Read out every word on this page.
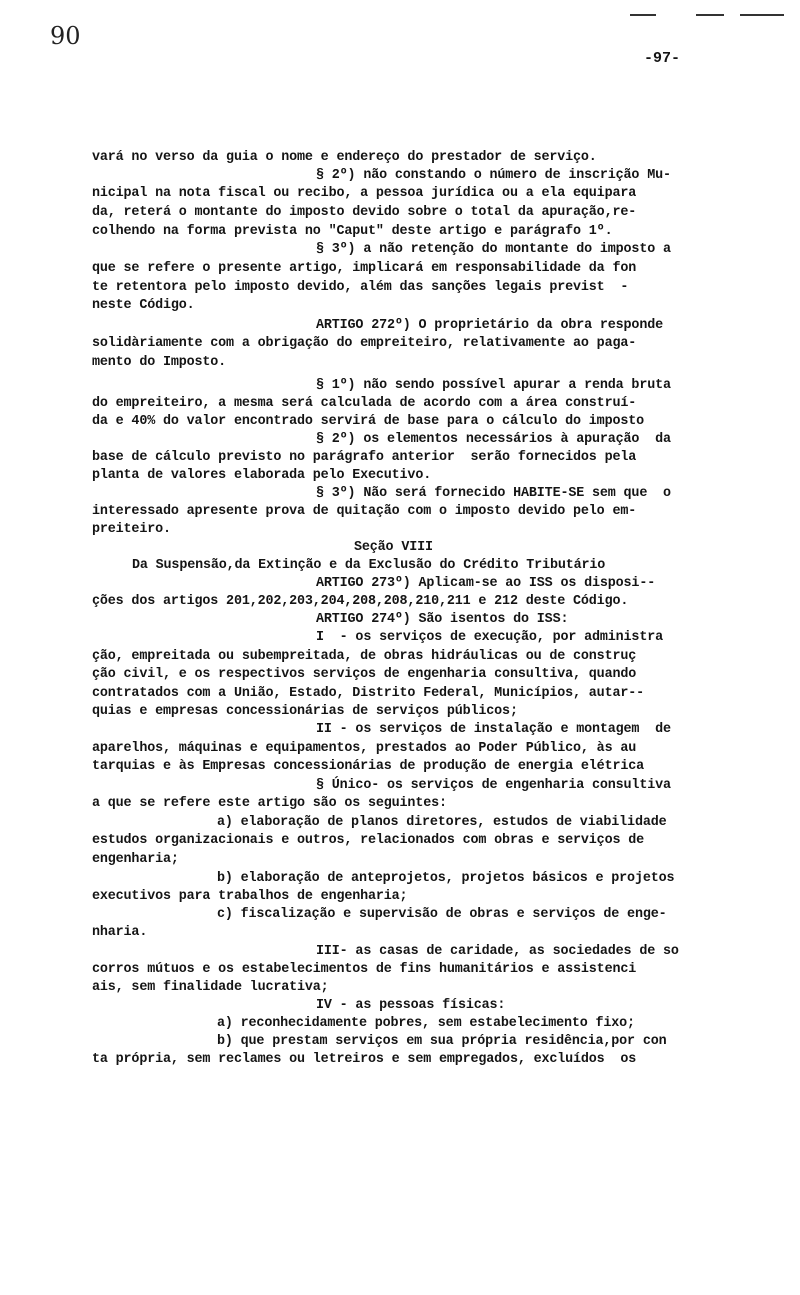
90
-97-
vará no verso da guia o nome e endereço do prestador de serviço.
§ 2º) não constando o número de inscrição Mu-
nicipal na nota fiscal ou recibo, a pessoa jurídica ou a ela equipara
da, reterá o montante do imposto devido sobre o total da apuração,re-
colhendo na forma prevista no "Caput" deste artigo e parágrafo 1º.
§ 3º) a não retenção do montante do imposto a
que se refere o presente artigo, implicará em responsabilidade da fon
te retentora pelo imposto devido, além das sanções legais previst  -
neste Código.
ARTIGO 272º) O proprietário da obra responde
solidàriamente com a obrigação do empreiteiro, relativamente ao paga-
mento do Imposto.
§ 1º) não sendo possível apurar a renda bruta
do empreiteiro, a mesma será calculada de acordo com a área construí-
da e 40% do valor encontrado servirá de base para o cálculo do imposto
§ 2º) os elementos necessários à apuração  da
base de cálculo previsto no parágrafo anterior  serão fornecidos pela
planta de valores elaborada pelo Executivo.
§ 3º) Não será fornecido HABITE-SE sem que  o
interessado apresente prova de quitação com o imposto devido pelo em-
preiteiro.
Seção VIII
Da Suspensão,da Extinção e da Exclusão do Crédito Tributário
ARTIGO 273º) Aplicam-se ao ISS os disposi--
ções dos artigos 201,202,203,204,208,208,210,211 e 212 deste Código.
ARTIGO 274º) São isentos do ISS:
I  - os serviços de execução, por administra
ção, empreitada ou subempreitada, de obras hidráulicas ou de construç
ção civil, e os respectivos serviços de engenharia consultiva, quando
contratados com a União, Estado, Distrito Federal, Municípios, autar--
quias e empresas concessionárias de serviços públicos;
II - os serviços de instalação e montagem  de
aparelhos, máquinas e equipamentos, prestados ao Poder Público, às au
tarquias e às Empresas concessionárias de produção de energia elétrica
§ Único- os serviços de engenharia consultiva
a que se refere este artigo são os seguintes:
a) elaboração de planos diretores, estudos de viabilidade
estudos organizacionais e outros, relacionados com obras e serviços de
engenharia;
b) elaboração de anteprojetos, projetos básicos e projetos
executivos para trabalhos de engenharia;
c) fiscalização e supervisão de obras e serviços de enge-
nharia.
III- as casas de caridade, as sociedades de so
corros mútuos e os estabelecimentos de fins humanitários e assistenci
ais, sem finalidade lucrativa;
IV - as pessoas físicas:
a) reconhecidamente pobres, sem estabelecimento fixo;
b) que prestam serviços em sua própria residência,por con
ta própria, sem reclames ou letreiros e sem empregados, excluídos  os
